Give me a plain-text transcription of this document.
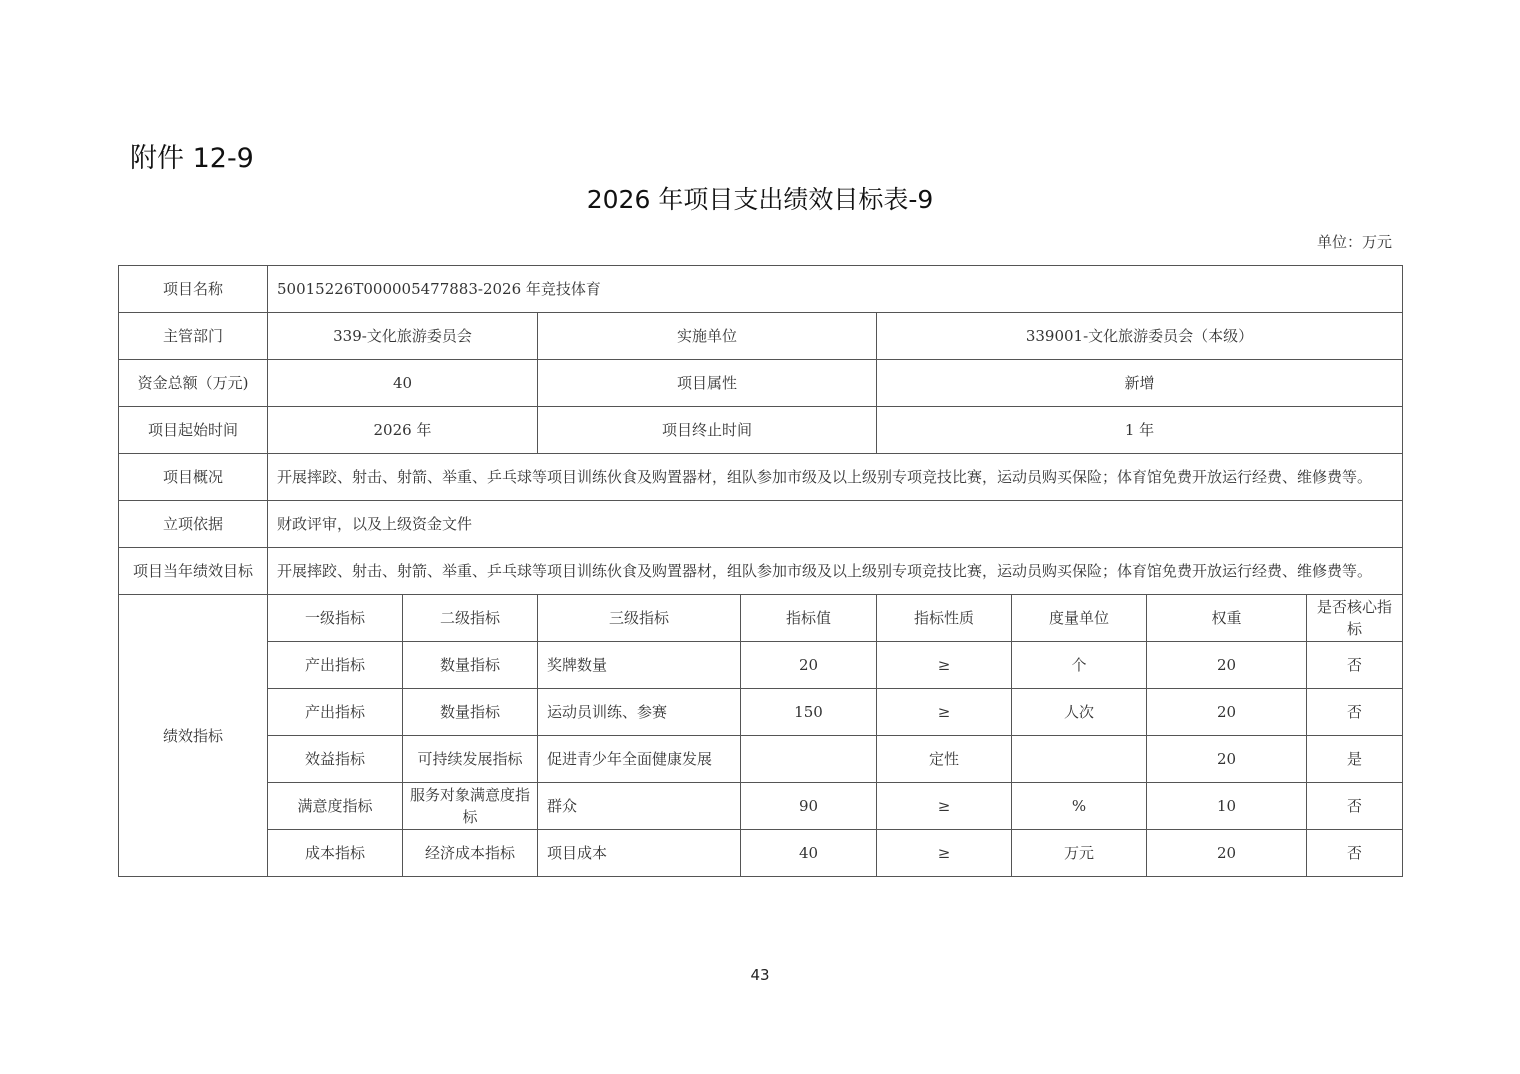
附件 12-9
2026 年项目支出绩效目标表-9
单位：万元
项目名称	50015226T000005477883-2026 年竞技体育							
主管部门	339-文化旅游委员会		实施单位		339001-文化旅游委员会（本级）			
资金总额（万元)	40		项目属性		新增			
项目起始时间	2026 年		项目终止时间		1 年			
项目概况	开展摔跤、射击、射箭、举重、乒乓球等项目训练伙食及购置器材，组队参加市级及以上级别专项竞技比赛，运动员购买保险；体育馆免费开放运行经费、维修费等。							
立项依据	财政评审，以及上级资金文件							
项目当年绩效目标	开展摔跤、射击、射箭、举重、乒乓球等项目训练伙食及购置器材，组队参加市级及以上级别专项竞技比赛，运动员购买保险；体育馆免费开放运行经费、维修费等。							
绩效指标	一级指标	二级指标	三级指标	指标值	指标性质	度量单位	权重	是否核心指标
	产出指标	数量指标	奖牌数量	20	≥	个	20	否
	产出指标	数量指标	运动员训练、参赛	150	≥	人次	20	否
	效益指标	可持续发展指标	促进青少年全面健康发展		定性		20	是
	满意度指标	服务对象满意度指标	群众	90	≥	%	10	否
	成本指标	经济成本指标	项目成本	40	≥	万元	20	否
43
